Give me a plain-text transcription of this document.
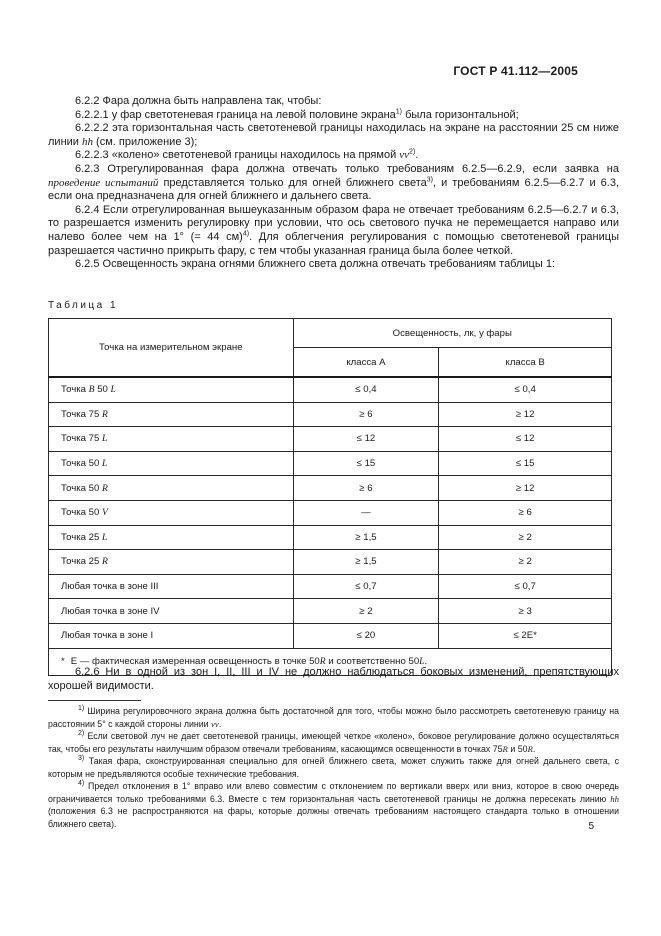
ГОСТ Р 41.112—2005

6.2.2 Фара должна быть направлена так, чтобы:

6.2.2.1 у фар светотеневая граница на левой половине экрана$^{1)}$ была горизонтальной;

6.2.2.2 эта горизонтальная часть светотеневой границы находилась на экране на расстоянии 25 см ниже линии hh (см. приложение 3);

6.2.2.3 «колено» светотеневой границы находилось на прямой $vv^{2)}$.

6.2.3 Отрегулированная фара должна отвечать только требованиям 6.2.5—6.2.9, если заявка на проведение испытаний представляется только для огней ближнего света$^{3)}$, и требованиям 6.2.5—6.2.7 и 6.3, если она предназначена для огней ближнего и дальнего света.

6.2.4 Если отрегулированная вышеуказанным образом фара не отвечает требованиям 6.2.5—6.2.7 и 6.3, то разрешается изменить регулировку при условии, что ось светового пучка не перемещается направо или налево более чем на 1° (= 44 см)$^{4)}$. Для облегчения регулирования с помощью светотеневой границы разрешается частично прикрыть фару, с тем чтобы указанная граница была более четкой.

6.2.5 Освещенность экрана огнями ближнего света должна отвечать требованиям таблицы 1:

Таблица 1
Точка на измерительном экране	Освещенность, лк, у фары	
	класса А	класса В
Точка B 50 L	≤ 0,4	≤ 0,4
Точка 75 R	≥ 6	≥ 12
Точка 75 L	≤ 12	≤ 12
Точка 50 L	≤ 15	≤ 15
Точка 50 R	≥ 6	≥ 12
Точка 50 V	—	≥ 6
Точка 25 L	≥ 1,5	≥ 2
Точка 25 R	≥ 1,5	≥ 2
Любая точка в зоне III	≤ 0,7	≤ 0,7
Любая точка в зоне IV	≥ 2	≥ 3
Любая точка в зоне I	≤ 20	≤ 2E*
* E — фактическая измеренная освещенность в точке 50R и соответственно 50L.		

6.2.6 Ни в одной из зон I, II, III и IV не должно наблюдаться боковых изменений, препятствующих хорошей видимости.

$^{1)}$ Ширина регулировочного экрана должна быть достаточной для того, чтобы можно было рассмотреть светотеневую границу на расстоянии 5° с каждой стороны линии vv.

$^{2)}$ Если световой луч не дает светотеневой границы, имеющей четкое «колено», боковое регулирование должно осуществляться так, чтобы его результаты наилучшим образом отвечали требованиям, касающимся освещенности в точках 75R и 50R.

$^{3)}$ Такая фара, сконструированная специально для огней ближнего света, может служить также для огней дальнего света, с которым не предъявляются особые технические требования.

$^{4)}$ Предел отклонения в 1° вправо или влево совместим с отклонением по вертикали вверх или вниз, которое в свою очередь ограничивается только требованиями 6.3. Вместе с тем горизонтальная часть светотеневой границы не должна пересекать линию hh (положения 6.3 не распространяются на фары, которые должны отвечать требованиям настоящего стандарта только в отношении ближнего света).	5
